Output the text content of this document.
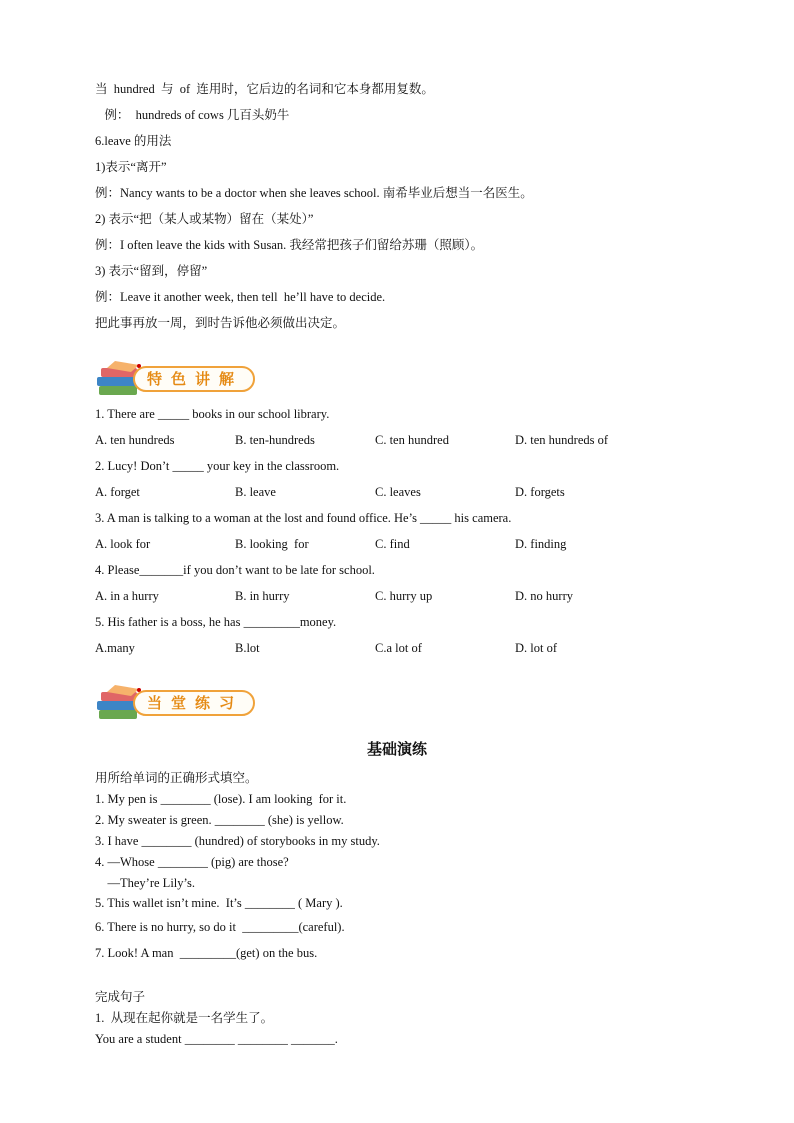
当  hundred  与  of  连用时，它后边的名词和它本身都用复数。
例：  hundreds of cows 几百头奶牛
6.leave 的用法
1)表示“离开”
例：Nancy wants to be a doctor when she leaves school. 南希毕业后想当一名医生。
2) 表示“把（某人或某物）留在（某处）”
例：I often leave the kids with Susan. 我经常把孩子们留给苏珊（照顾）。
3) 表示“留到，停留”
例：Leave it another week, then tell  he’ll have to decide.
把此事再放一周，到时告诉他必须做出决定。
特色讲解
1. There are _____ books in our school library.
A. ten hundreds	B. ten-hundreds	C. ten hundred	D. ten hundreds of
2. Lucy! Don’t _____ your key in the classroom.
A. forget	B. leave	C. leaves	D. forgets
3. A man is talking to a woman at the lost and found office. He’s _____ his camera.
A. look for	B. looking  for	C. find	D. finding
4. Please_______if you don’t want to be late for school.
A. in a hurry	B. in hurry	C. hurry up	D. no hurry
5. His father is a boss, he has _________money.
A.many	B.lot	C.a lot of	D. lot of
当堂练习
基础演练
用所给单词的正确形式填空。
1. My pen is ________ (lose). I am looking  for it.
2. My sweater is green. ________ (she) is yellow.
3. I have ________ (hundred) of storybooks in my study.
4. —Whose ________ (pig) are those?
—They’re Lily’s.
5. This wallet isn’t mine.  It’s ________ ( Mary ).
6. There is no hurry, so do it  _________(careful).
7. Look! A man  _________(get) on the bus.
完成句子
1.  从现在起你就是一名学生了。
You are a student ________ ________ _______.
